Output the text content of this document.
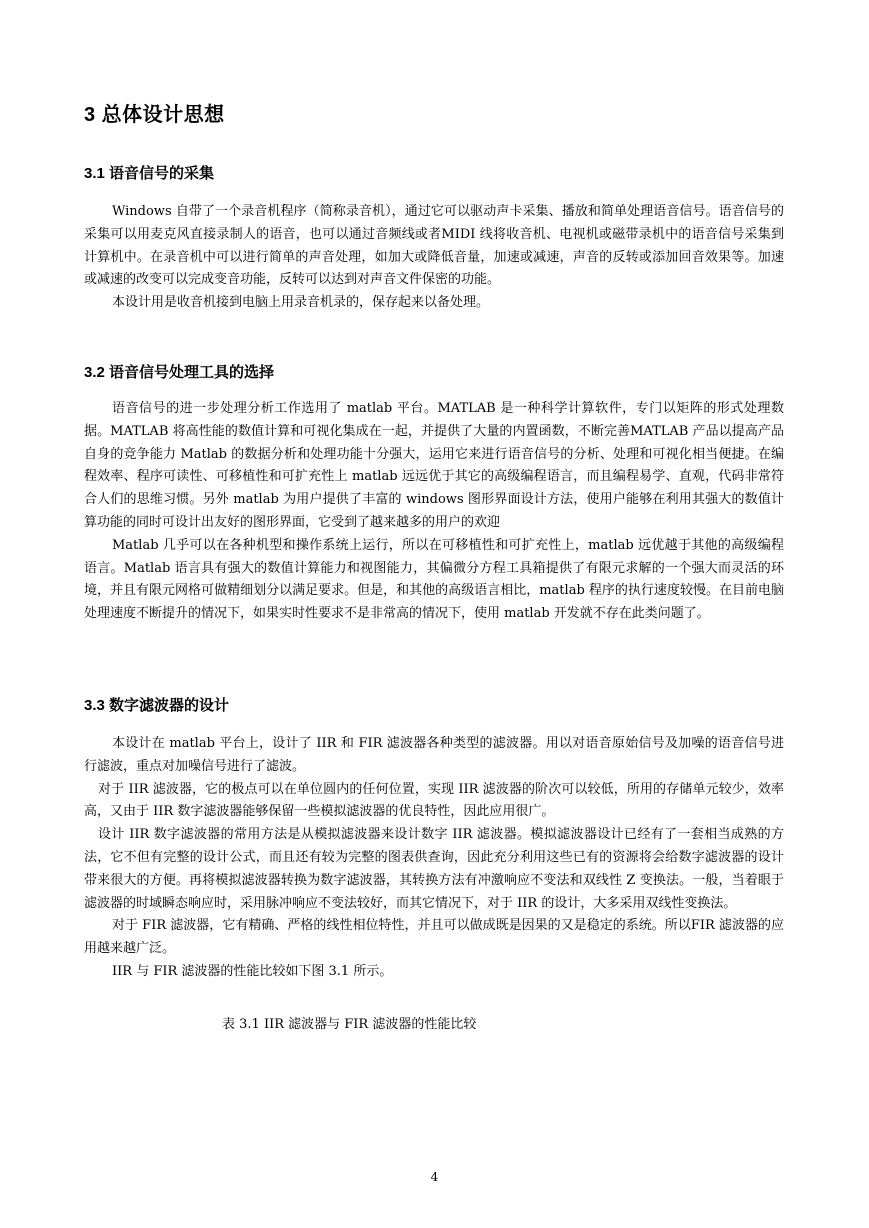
3 总体设计思想
3.1 语音信号的采集

Windows 自带了一个录音机程序（简称录音机），通过它可以驱动声卡采集、播放和简单处理语音信号。语音信号的采集可以用麦克风直接录制人的语音，也可以通过音频线或者MIDI 线将收音机、电视机或磁带录机中的语音信号采集到计算机中。在录音机中可以进行简单的声音处理，如加大或降低音量，加速或减速，声音的反转或添加回音效果等。加速或减速的改变可以完成变音功能，反转可以达到对声音文件保密的功能。

本设计用是收音机接到电脑上用录音机录的，保存起来以备处理。

3.2 语音信号处理工具的选择

语音信号的进一步处理分析工作选用了 matlab 平台。MATLAB 是一种科学计算软件，专门以矩阵的形式处理数据。MATLAB 将高性能的数值计算和可视化集成在一起，并提供了大量的内置函数，不断完善MATLAB 产品以提高产品自身的竞争能力 Matlab 的数据分析和处理功能十分强大，运用它来进行语音信号的分析、处理和可视化相当便捷。在编程效率、程序可读性、可移植性和可扩充性上 matlab 远远优于其它的高级编程语言，而且编程易学、直观，代码非常符合人们的思维习惯。另外 matlab 为用户提供了丰富的 windows 图形界面设计方法，使用户能够在利用其强大的数值计算功能的同时可设计出友好的图形界面，它受到了越来越多的用户的欢迎

Matlab 几乎可以在各种机型和操作系统上运行，所以在可移植性和可扩充性上，matlab 远优越于其他的高级编程语言。Matlab 语言具有强大的数值计算能力和视图能力，其偏微分方程工具箱提供了有限元求解的一个强大而灵活的环境，并且有限元网格可做精细划分以满足要求。但是，和其他的高级语言相比，matlab 程序的执行速度较慢。在目前电脑处理速度不断提升的情况下，如果实时性要求不是非常高的情况下，使用 matlab 开发就不存在此类问题了。

3.3 数字滤波器的设计

本设计在 matlab 平台上，设计了 IIR 和 FIR 滤波器各种类型的滤波器。用以对语音原始信号及加噪的语音信号进行滤波，重点对加噪信号进行了滤波。

对于 IIR 滤波器，它的极点可以在单位圆内的任何位置，实现 IIR 滤波器的阶次可以较低，所用的存储单元较少，效率高，又由于 IIR 数字滤波器能够保留一些模拟滤波器的优良特性，因此应用很广。

设计 IIR 数字滤波器的常用方法是从模拟滤波器来设计数字 IIR 滤波器。模拟滤波器设计已经有了一套相当成熟的方法，它不但有完整的设计公式，而且还有较为完整的图表供查询，因此充分利用这些已有的资源将会给数字滤波器的设计带来很大的方便。再将模拟滤波器转换为数字滤波器，其转换方法有冲激响应不变法和双线性 Z 变换法。一般，当着眼于滤波器的时域瞬态响应时，采用脉冲响应不变法较好，而其它情况下，对于 IIR 的设计，大多采用双线性变换法。

对于 FIR 滤波器，它有精确、严格的线性相位特性，并且可以做成既是因果的又是稳定的系统。所以FIR 滤波器的应用越来越广泛。

IIR 与 FIR 滤波器的性能比较如下图 3.1 所示。

表 3.1 IIR 滤波器与 FIR 滤波器的性能比较

4
